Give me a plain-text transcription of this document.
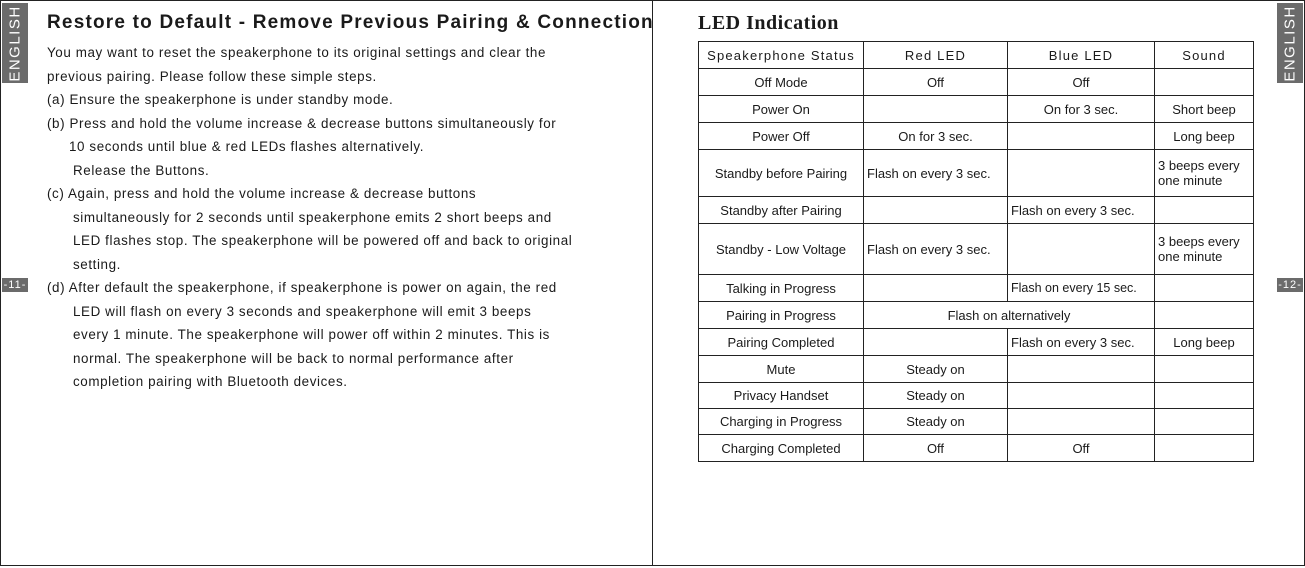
ENGLISH
-11-
Restore to Default - Remove Previous Pairing & Connection
You may want to reset the speakerphone to its original settings and clear the
previous pairing. Please follow these simple steps.
(a) Ensure the speakerphone is under standby mode.
(b) Press and hold the volume increase & decrease buttons simultaneously for
10 seconds until blue & red LEDs flashes alternatively.
Release the Buttons.
(c) Again, press and hold the volume increase & decrease buttons
simultaneously for 2 seconds until speakerphone emits 2 short beeps and
LED flashes stop. The speakerphone will be powered off and back to original
setting.
(d) After default the speakerphone, if speakerphone is power on again, the red
LED will flash on every 3 seconds and speakerphone will emit 3 beeps
every 1 minute. The speakerphone will power off within 2 minutes. This is
normal. The speakerphone will be back to normal performance after
completion pairing with Bluetooth devices.
ENGLISH
-12-
LED Indication
Speakerphone Status	Red LED	Blue LED	Sound
Off Mode	Off	Off	
Power On		On for 3 sec.	Short beep
Power Off	On for 3 sec.		Long beep
Standby before Pairing	Flash on every 3 sec.		3 beeps every one minute
Standby after Pairing		Flash on every 3 sec.	
Standby - Low Voltage	Flash on every 3 sec.		3 beeps every one minute
Talking in Progress		Flash on every 15 sec.	
Pairing in Progress	Flash on alternatively		
Pairing Completed		Flash on every 3 sec.	Long beep
Mute	Steady on		
Privacy Handset	Steady on		
Charging in Progress	Steady on		
Charging Completed	Off	Off	
